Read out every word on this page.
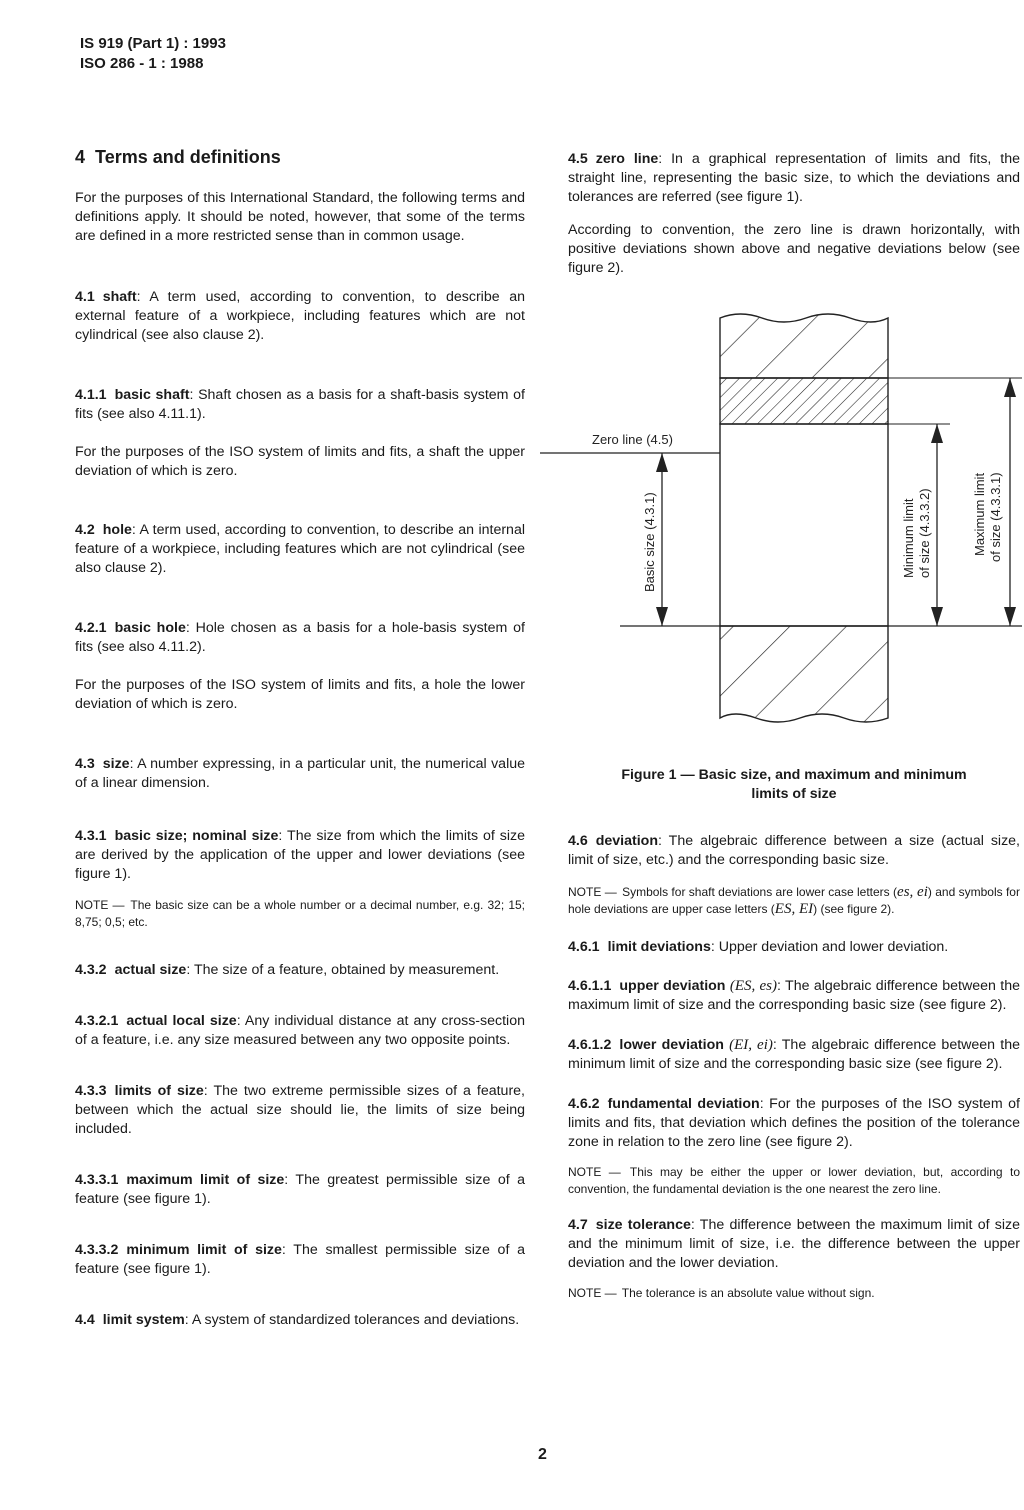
IS 919 (Part 1) : 1993
ISO 286 - 1 : 1988
4 Terms and definitions

For the purposes of this International Standard, the following terms and definitions apply. It should be noted, however, that some of the terms are defined in a more restricted sense than in common usage.

4.1 shaft: A term used, according to convention, to describe an external feature of a workpiece, including features which are not cylindrical (see also clause 2).

4.1.1 basic shaft: Shaft chosen as a basis for a shaft-basis system of fits (see also 4.11.1).

For the purposes of the ISO system of limits and fits, a shaft the upper deviation of which is zero.

4.2 hole: A term used, according to convention, to describe an internal feature of a workpiece, including features which are not cylindrical (see also clause 2).

4.2.1 basic hole: Hole chosen as a basis for a hole-basis system of fits (see also 4.11.2).

For the purposes of the ISO system of limits and fits, a hole the lower deviation of which is zero.

4.3 size: A number expressing, in a particular unit, the numerical value of a linear dimension.

4.3.1 basic size; nominal size: The size from which the limits of size are derived by the application of the upper and lower deviations (see figure 1).

NOTE — The basic size can be a whole number or a decimal number, e.g. 32; 15; 8,75; 0,5; etc.

4.3.2 actual size: The size of a feature, obtained by measurement.

4.3.2.1 actual local size: Any individual distance at any cross-section of a feature, i.e. any size measured between any two opposite points.

4.3.3 limits of size: The two extreme permissible sizes of a feature, between which the actual size should lie, the limits of size being included.

4.3.3.1 maximum limit of size: The greatest permissible size of a feature (see figure 1).

4.3.3.2 minimum limit of size: The smallest permissible size of a feature (see figure 1).

4.4 limit system: A system of standardized tolerances and deviations.

4.5 zero line: In a graphical representation of limits and fits, the straight line, representing the basic size, to which the deviations and tolerances are referred (see figure 1).

According to convention, the zero line is drawn horizontally, with positive deviations shown above and negative deviations below (see figure 2).

Zero line (4.5)
Basic size (4.3.1)	Minimum limit of size (4.3.3.2)	Maximum limit of size (4.3.3.1)
Figure 1 — Basic size, and maximum and minimum
limits of size

4.6 deviation: The algebraic difference between a size (actual size, limit of size, etc.) and the corresponding basic size.

NOTE — Symbols for shaft deviations are lower case letters (es, ei) and symbols for hole deviations are upper case letters (ES, EI) (see figure 2).

4.6.1 limit deviations: Upper deviation and lower deviation.

4.6.1.1 upper deviation (ES, es): The algebraic difference between the maximum limit of size and the corresponding basic size (see figure 2).

4.6.1.2 lower deviation (EI, ei): The algebraic difference between the minimum limit of size and the corresponding basic size (see figure 2).

4.6.2 fundamental deviation: For the purposes of the ISO system of limits and fits, that deviation which defines the position of the tolerance zone in relation to the zero line (see figure 2).

NOTE — This may be either the upper or lower deviation, but, according to convention, the fundamental deviation is the one nearest the zero line.

4.7 size tolerance: The difference between the maximum limit of size and the minimum limit of size, i.e. the difference between the upper deviation and the lower deviation.

NOTE — The tolerance is an absolute value without sign.

2
